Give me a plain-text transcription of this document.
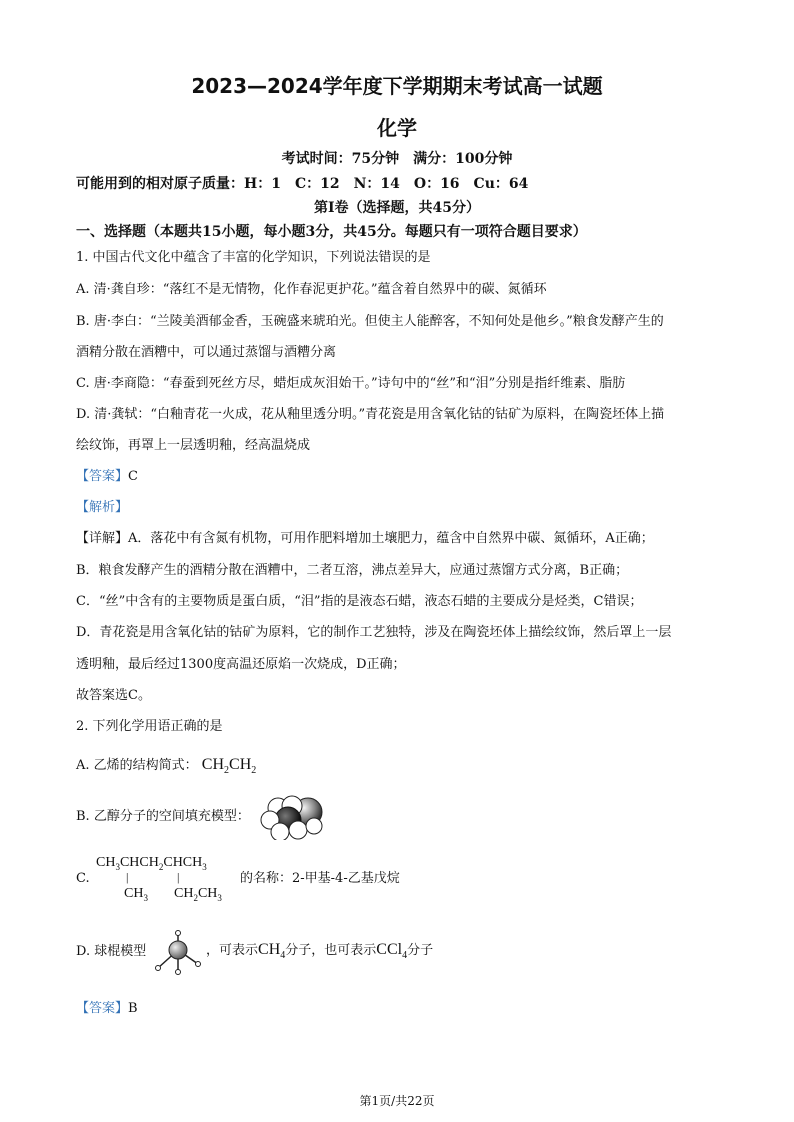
2023—2024学年度下学期期末考试高一试题
化学
考试时间：75分钟　满分：100分钟
可能用到的相对原子质量：H：1　C：12　N：14　O：16　Cu：64
第Ⅰ卷（选择题，共45分）
一、选择题（本题共15小题，每小题3分，共45分。每题只有一项符合题目要求）
1. 中国古代文化中蕴含了丰富的化学知识，下列说法错误的是
A. 清·龚自珍：“落红不是无情物，化作春泥更护花。”蕴含着自然界中的碳、氮循环
B. 唐·李白：“兰陵美酒郁金香，玉碗盛来琥珀光。但使主人能醉客，不知何处是他乡。”粮食发酵产生的
酒精分散在酒糟中，可以通过蒸馏与酒糟分离
C. 唐·李商隐：“春蚕到死丝方尽，蜡炬成灰泪始干。”诗句中的“丝”和“泪”分别是指纤维素、脂肪
D. 清·龚轼：“白釉青花一火成，花从釉里透分明。”青花瓷是用含氧化钴的钴矿为原料，在陶瓷坯体上描
绘纹饰，再罩上一层透明釉，经高温烧成
【答案】C
【解析】
【详解】A．落花中有含氮有机物，可用作肥料增加土壤肥力，蕴含中自然界中碳、氮循环，A正确；
B．粮食发酵产生的酒精分散在酒糟中，二者互溶，沸点差异大，应通过蒸馏方式分离，B正确；
C．“丝”中含有的主要物质是蛋白质，“泪”指的是液态石蜡，液态石蜡的主要成分是烃类，C错误；
D．青花瓷是用含氧化钴的钴矿为原料，它的制作工艺独特，涉及在陶瓷坯体上描绘纹饰，然后罩上一层
透明釉，最后经过1300度高温还原焰一次烧成，D正确；
故答案选C。
2. 下列化学用语正确的是
A. 乙烯的结构简式： $CH_2CH_2$
B. 乙醇分子的空间填充模型：
C.
$CH_3CHCH_2CHCH_3$
|	|
$CH_3$ $CH_2CH_3$
的名称：2-甲基-4-乙基戊烷
D. 球棍模型	，可表示$CH_4$分子，也可表示CCl$_4$分子
【答案】B
第1页/共22页
